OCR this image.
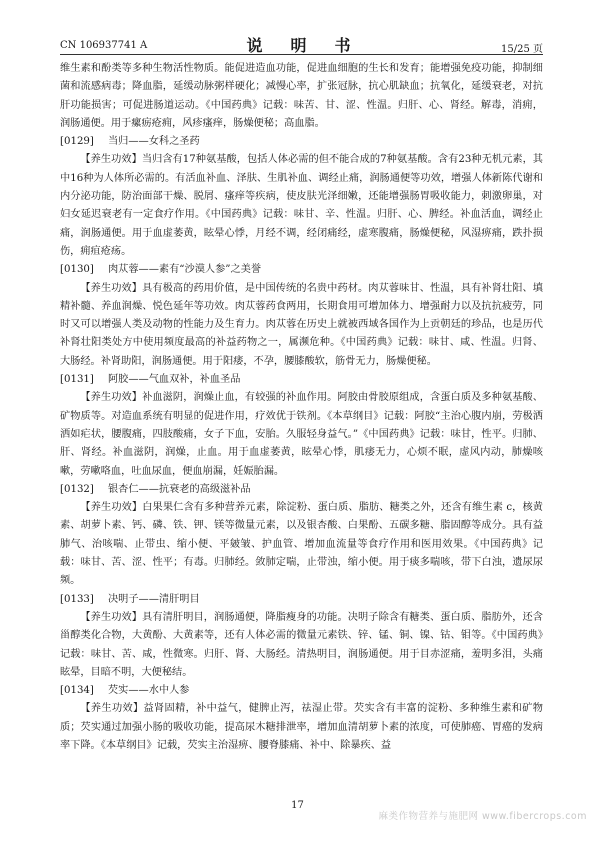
CN 106937741 A	说　明　书	15/25 页

维生素和酚类等多种生物活性物质。能促进造血功能，促进血细胞的生长和发育；能增强免疫功能，抑制细菌和流感病毒；降血脂，延缓动脉粥样硬化；减慢心率，扩张冠脉，抗心肌缺血；抗氧化，延缓衰老，对抗肝功能损害；可促进肠道运动。《中国药典》记载：味苦、甘、涩、性温。归肝、心、肾经。解毒，消痈，润肠通便。用于瘰疬疮痈，风疹瘙痒，肠燥便秘；高血脂。

[0129]	当归——女科之圣药

【养生功效】当归含有17种氨基酸，包括人体必需的但不能合成的7种氨基酸。含有23种无机元素，其中16种为人体所必需的。有活血补血、泽肤、生肌补血、调经止痛，润肠通便等功效，增强人体新陈代谢和内分泌功能，防治面部干燥、脱屑、瘙痒等疾病，使皮肤光泽细嫩，还能增强肠胃吸收能力，刺激卵巢，对妇女延迟衰老有一定食疗作用。《中国药典》记载：味甘、辛、性温。归肝、心、脾经。补血活血，调经止痛，润肠通便。用于血虚萎黄，眩晕心悸，月经不调，经闭痛经，虚寒腹痛，肠燥便秘，风湿痹痛，跌扑损伤，痈疽疮疡。

[0130]	肉苁蓉——素有“沙漠人参”之美誉

【养生功效】具有极高的药用价值，是中国传统的名贵中药材。肉苁蓉味甘、性温，具有补肾壮阳、填精补髓、养血润燥、悦色延年等功效。肉苁蓉药食两用，长期食用可增加体力、增强耐力以及抗抗疲劳，同时又可以增强人类及动物的性能力及生育力。肉苁蓉在历史上就被西域各国作为上贡朝廷的珍品，也是历代补肾壮阳类处方中使用频度最高的补益药物之一，属濒危种。《中国药典》记载：味甘、咸、性温。归肾、大肠经。补肾助阳，润肠通便。用于阳痿，不孕，腰膝酸软，筋骨无力，肠燥便秘。

[0131]	阿胶——气血双补，补血圣品

【养生功效】补血滋阴，润燥止血，有较强的补血作用。阿胶由骨胶原组成，含蛋白质及多种氨基酸、矿物质等。对造血系统有明显的促进作用，疗效优于铁剂。《本草纲目》记载：阿胶“主治心腹内崩，劳极洒洒如疟状，腰腹痛，四肢酸痛，女子下血，安胎。久服轻身益气。”《中国药典》记载：味甘，性平。归肺、肝、肾经。补血滋阴，润燥，止血。用于血虚萎黄，眩晕心悸，肌痿无力，心烦不眠，虚风内动，肺燥咳嗽，劳嗽咯血，吐血尿血，便血崩漏，妊娠胎漏。

[0132]	银杏仁——抗衰老的高级滋补品

【养生功效】白果果仁含有多种营养元素，除淀粉、蛋白质、脂肪、糖类之外，还含有维生素 c，核黄素、胡萝卜素、钙、磷、铁、钾、镁等微量元素，以及银杏酸、白果酚、五碳多糖、脂固醇等成分。具有益肺气、治咳喘、止带虫、缩小便、平皴皱、护血管、增加血流量等食疗作用和医用效果。《中国药典》记载：味甘、苦、涩、性平；有毒。归肺经。敛肺定喘，止带浊，缩小便。用于痰多喘咳，带下白浊，遗尿尿频。

[0133]	决明子——清肝明目

【养生功效】具有清肝明目，润肠通便，降脂瘦身的功能。决明子除含有糖类、蛋白质、脂肪外，还含甾醇类化合物，大黄酚、大黄素等，还有人体必需的微量元素铁、锌、锰、铜、镍、钴、钼等。《中国药典》记载：味甘、苦、咸，性微寒。归肝、肾、大肠经。清热明目，润肠通便。用于目赤涩痛，羞明多泪，头痛眩晕，目暗不明，大便秘结。

[0134]	芡实——水中人参

【养生功效】益肾固精，补中益气，健脾止泻，祛湿止带。芡实含有丰富的淀粉、多种维生素和矿物质；芡实通过加强小肠的吸收功能，提高尿木糖排泄率，增加血清胡萝卜素的浓度，可使肺癌、胃癌的发病率下降。《本草纲目》记载，芡实主治湿痹、腰脊膝痛、补中、除暴疾、益

17
麻类作物营养与施肥网 www.fibercrops.com
